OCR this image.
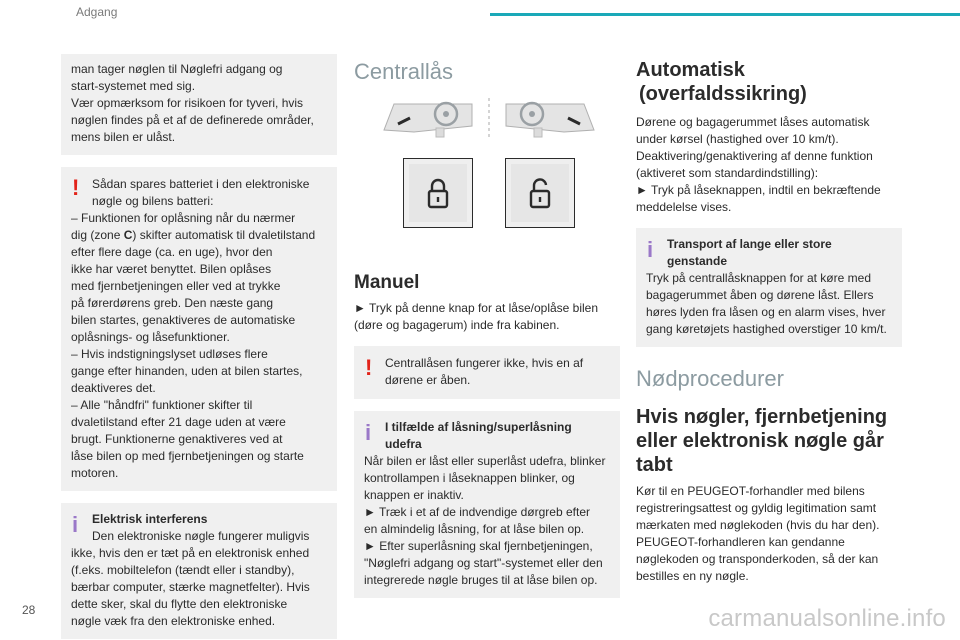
Adgang
man tager nøglen til Nøglefri adgang og
start-systemet med sig.
Vær opmærksom for risikoen for tyveri, hvis
nøglen findes på et af de definerede områder,
mens bilen er ulåst.
! Sådan spares batteriet i den elektroniske
nøgle og bilens batteri:
– Funktionen for oplåsning når du nærmer
dig (zone C) skifter automatisk til dvaletilstand
efter flere dage (ca. en uge), hvor den
ikke har været benyttet. Bilen oplåses
med fjernbetjeningen eller ved at trykke
på førerdørens greb. Den næste gang
bilen startes, genaktiveres de automatiske
oplåsnings- og låsefunktioner.
– Hvis indstigningslyset udløses flere
gange efter hinanden, uden at bilen startes,
deaktiveres det.
– Alle "håndfri" funktioner skifter til
dvaletilstand efter 21 dage uden at være
brugt. Funktionerne genaktiveres ved at
låse bilen op med fjernbetjeningen og starte
motoren.
i	Elektrisk interferens
Den elektroniske nøgle fungerer muligvis
ikke, hvis den er tæt på en elektronisk enhed
(f.eks. mobiltelefon (tændt eller i standby),
bærbar computer, stærke magnetfelter). Hvis
dette sker, skal du flytte den elektroniske
nøgle væk fra den elektroniske enhed.
Centrallås
Manuel
► Tryk på denne knap for at låse/oplåse bilen
(døre og bagagerum) inde fra kabinen.
! Centrallåsen fungerer ikke, hvis en af
dørene er åben.
i	I tilfælde af låsning/superlåsning
udefra
Når bilen er låst eller superlåst udefra, blinker
kontrollampen i låseknappen blinker, og
knappen er inaktiv.
► Træk i et af de indvendige dørgreb efter
en almindelig låsning, for at låse bilen op.
► Efter superlåsning skal fjernbetjeningen,
"Nøglefri adgang og start"-systemet eller den
integrerede nøgle bruges til at låse bilen op.
Automatisk
(overfaldssikring)
Dørene og bagagerummet låses automatisk
under kørsel (hastighed over 10 km/t).
Deaktivering/genaktivering af denne funktion
(aktiveret som standardindstilling):
► Tryk på låseknappen, indtil en bekræftende
meddelelse vises.
i	Transport af lange eller store
genstande
Tryk på centrallåsknappen for at køre med
bagagerummet åben og dørene låst. Ellers
høres lyden fra låsen og en alarm vises, hver
gang køretøjets hastighed overstiger 10 km/t.
Nødprocedurer
Hvis nøgler, fjernbetjening
eller elektronisk nøgle går
tabt
Kør til en PEUGEOT-forhandler med bilens
registreringsattest og gyldig legitimation samt
mærkaten med nøglekoden (hvis du har den).
PEUGEOT-forhandleren kan gendanne
nøglekoden og transponderkoden, så der kan
bestilles en ny nøgle.
28	carmanualsonline.info
